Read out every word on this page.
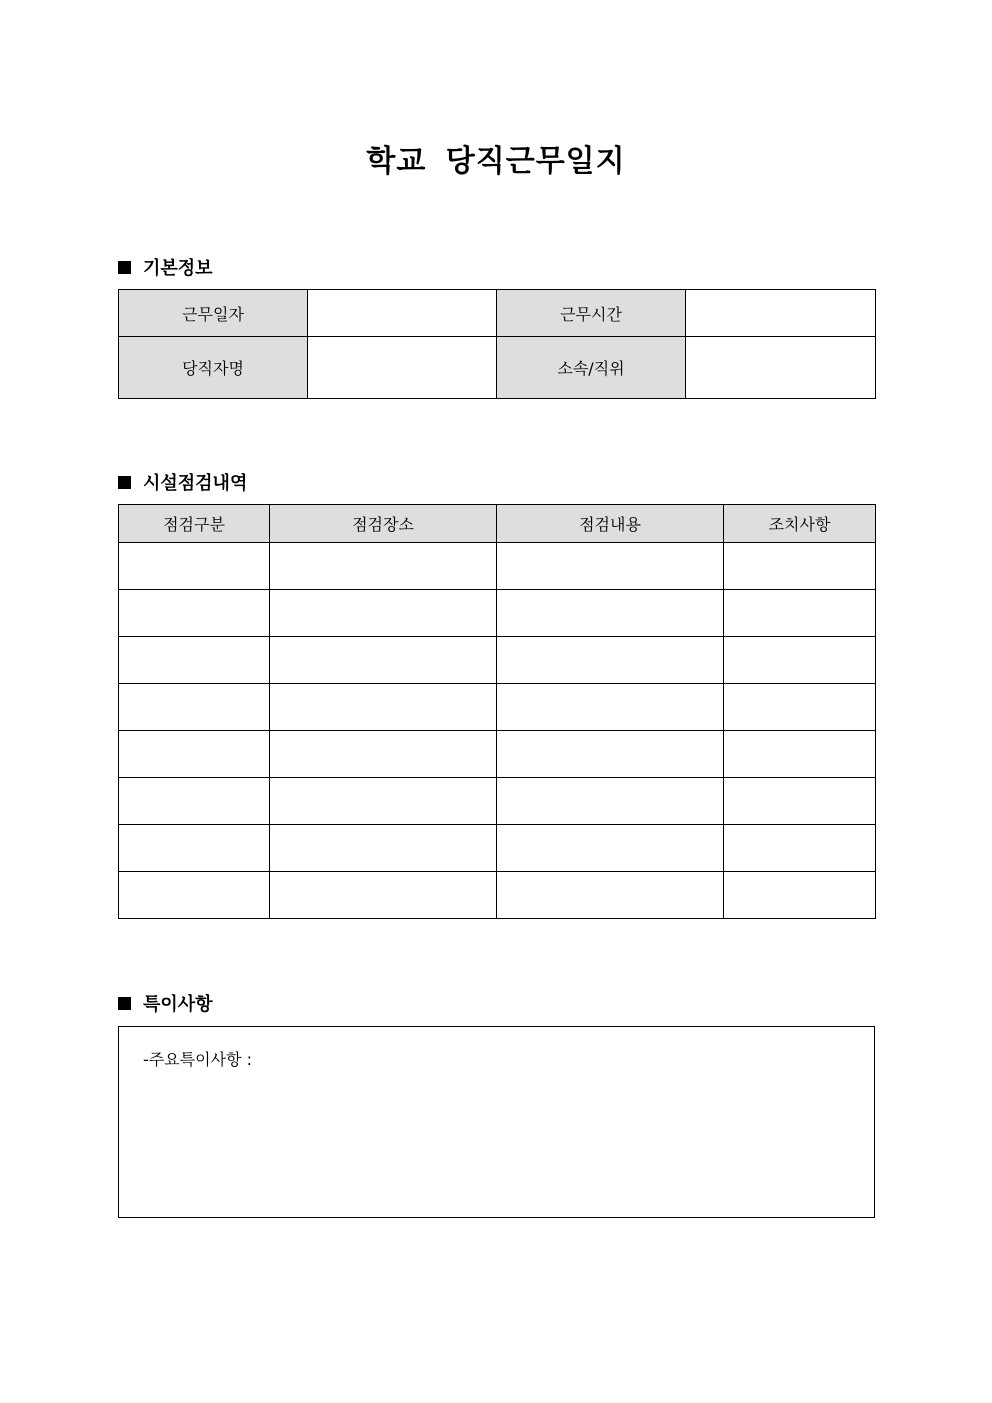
학교 당직근무일지
기본정보
근무일자		근무시간	
당직자명		소속/직위	
시설점검내역
점검구분	점검장소	점검내용	조치사항

특이사항
-주요특이사항 :
